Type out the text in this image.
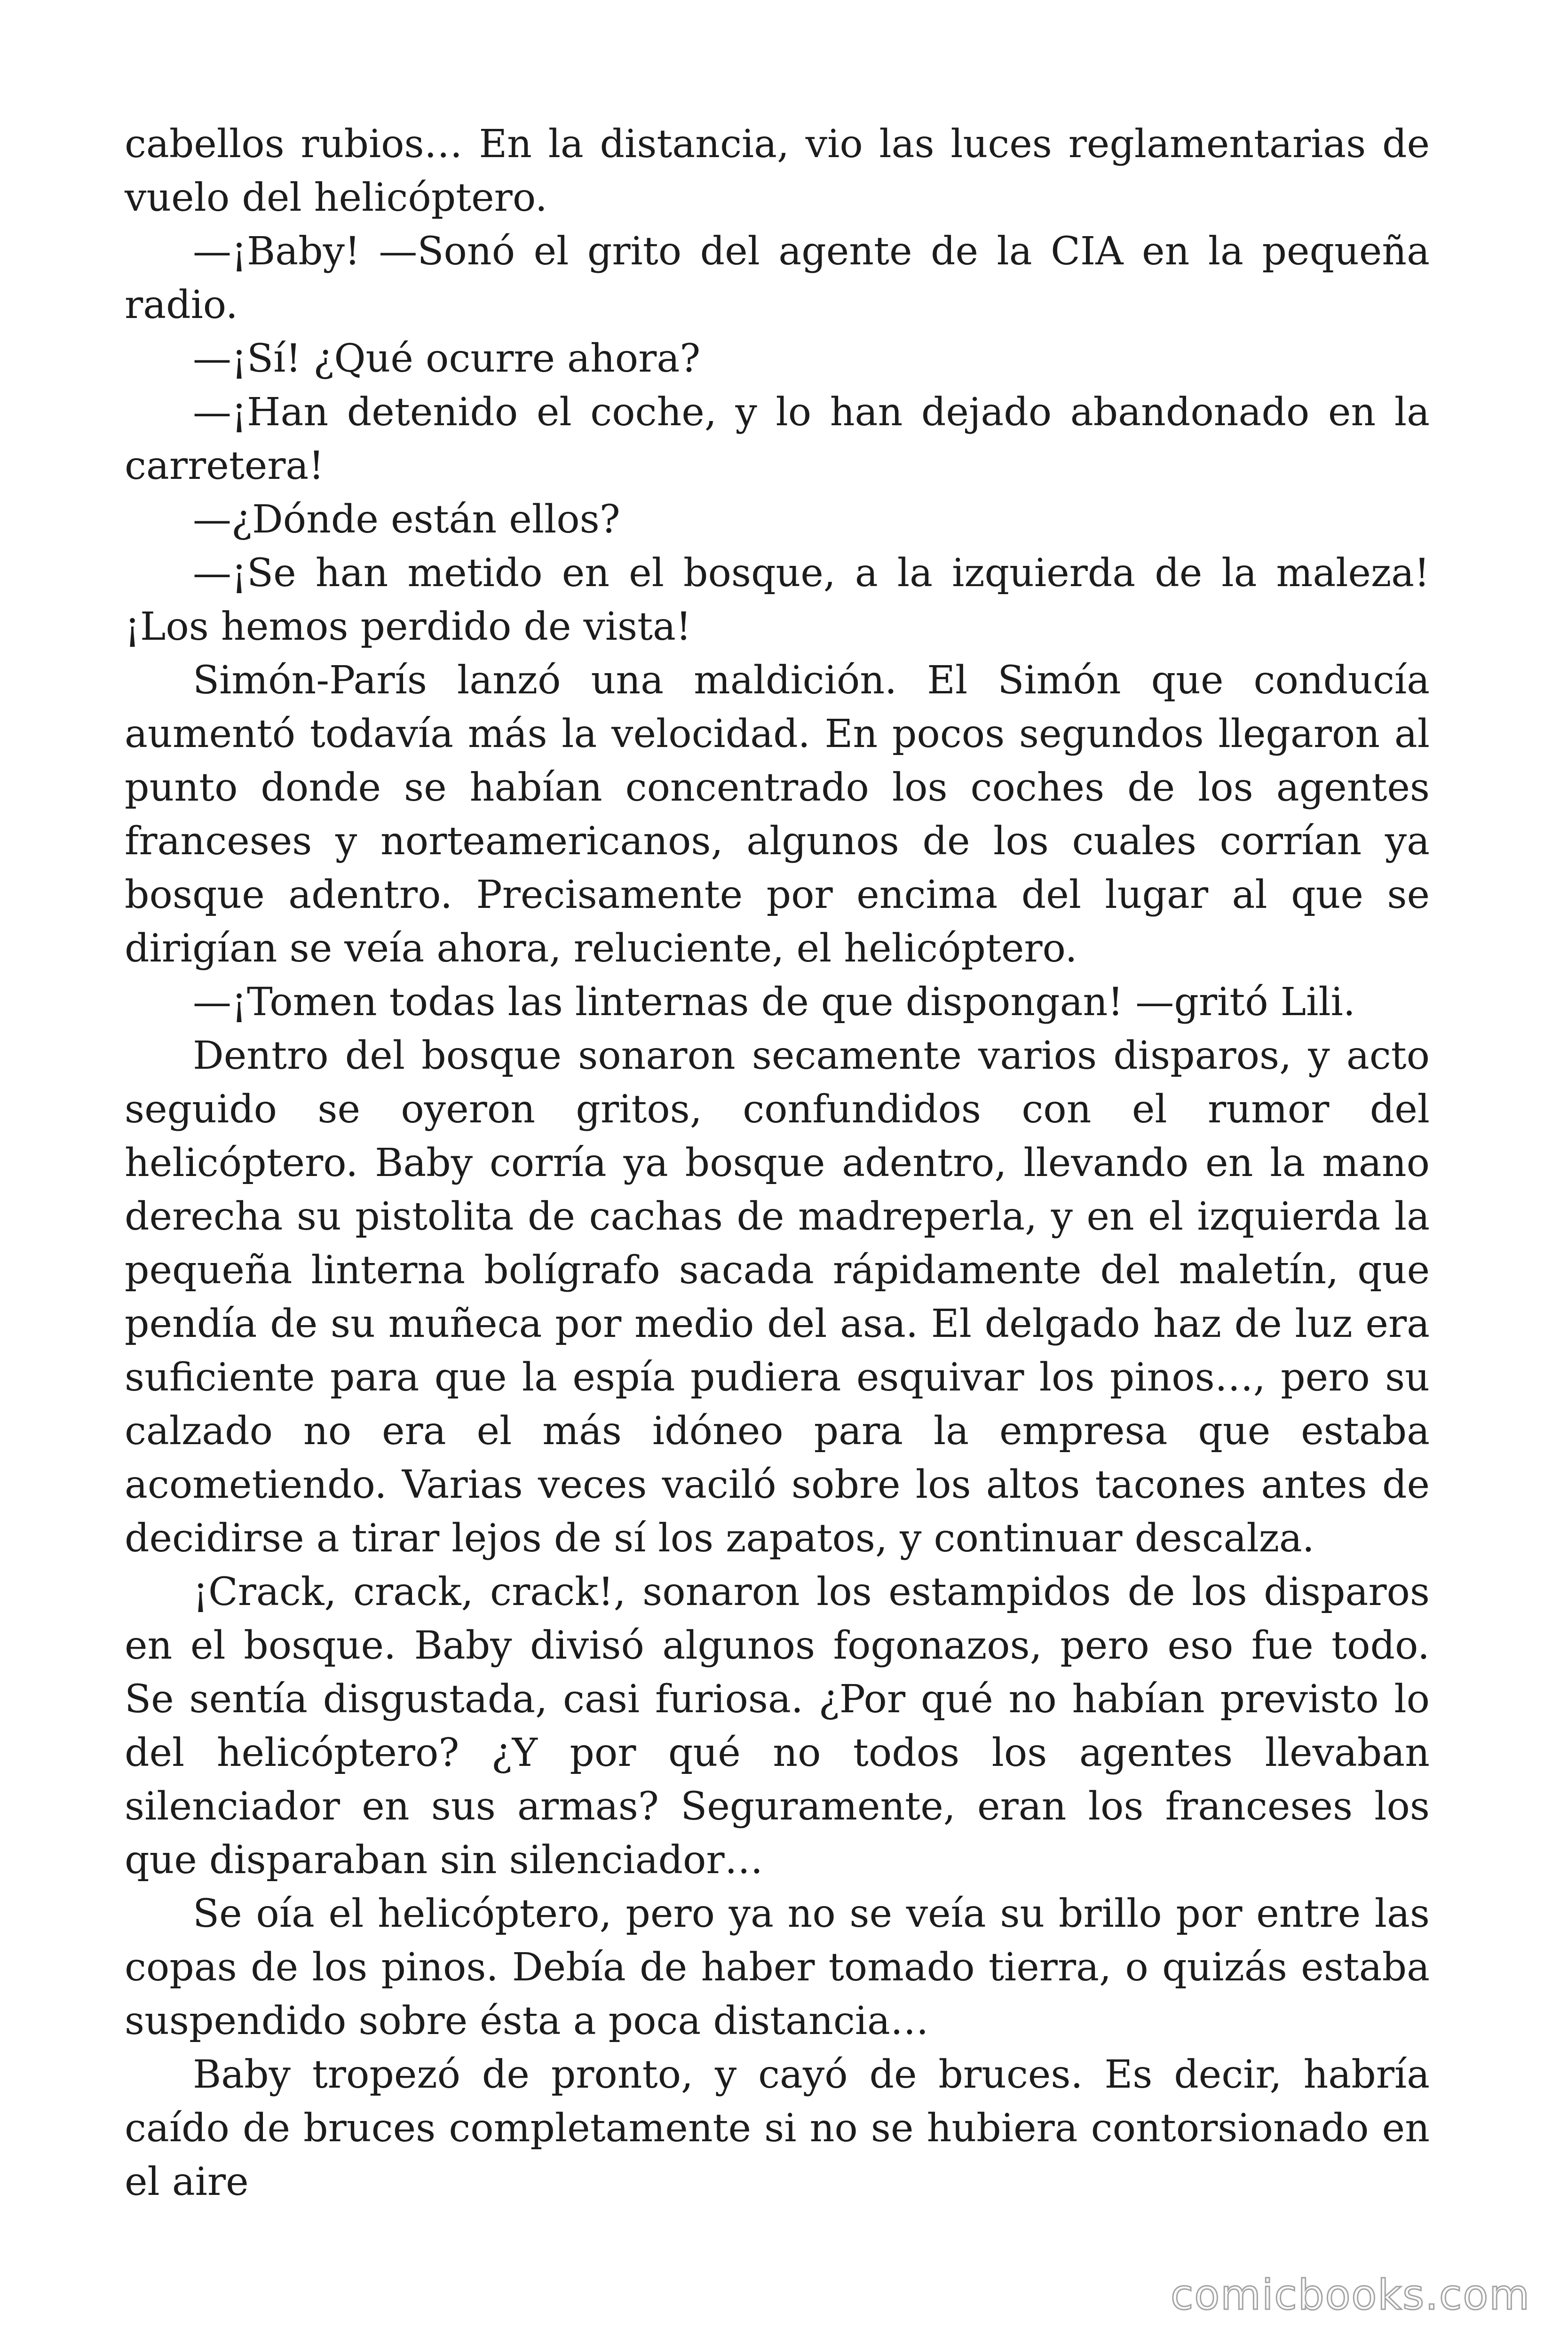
cabellos rubios… En la distancia, vio las luces reglamentarias de vuelo del helicóptero.

—¡Baby! —Sonó el grito del agente de la CIA en la pequeña radio.

—¡Sí! ¿Qué ocurre ahora?

—¡Han detenido el coche, y lo han dejado abandonado en la carretera!

—¿Dónde están ellos?

—¡Se han metido en el bosque, a la izquierda de la maleza! ¡Los hemos perdido de vista!

Simón-París lanzó una maldición. El Simón que conducía aumentó todavía más la velocidad. En pocos segundos llegaron al punto donde se habían concentrado los coches de los agentes franceses y norteamericanos, algunos de los cuales corrían ya bosque adentro. Precisamente por encima del lugar al que se dirigían se veía ahora, reluciente, el helicóptero.

—¡Tomen todas las linternas de que dispongan! —gritó Lili.

Dentro del bosque sonaron secamente varios disparos, y acto seguido se oyeron gritos, confundidos con el rumor del helicóptero. Baby corría ya bosque adentro, llevando en la mano derecha su pistolita de cachas de madreperla, y en el izquierda la pequeña linterna bolígrafo sacada rápidamente del maletín, que pendía de su muñeca por medio del asa. El delgado haz de luz era suficiente para que la espía pudiera esquivar los pinos…, pero su calzado no era el más idóneo para la empresa que estaba acometiendo. Varias veces vaciló sobre los altos tacones antes de decidirse a tirar lejos de sí los zapatos, y continuar descalza.

¡Crack, crack, crack!, sonaron los estampidos de los disparos en el bosque. Baby divisó algunos fogonazos, pero eso fue todo. Se sentía disgustada, casi furiosa. ¿Por qué no habían previsto lo del helicóptero? ¿Y por qué no todos los agentes llevaban silenciador en sus armas? Seguramente, eran los franceses los que disparaban sin silenciador…

Se oía el helicóptero, pero ya no se veía su brillo por entre las copas de los pinos. Debía de haber tomado tierra, o quizás estaba suspendido sobre ésta a poca distancia…

Baby tropezó de pronto, y cayó de bruces. Es decir, habría caído de bruces completamente si no se hubiera contorsionado en el aire

comicbooks.com
